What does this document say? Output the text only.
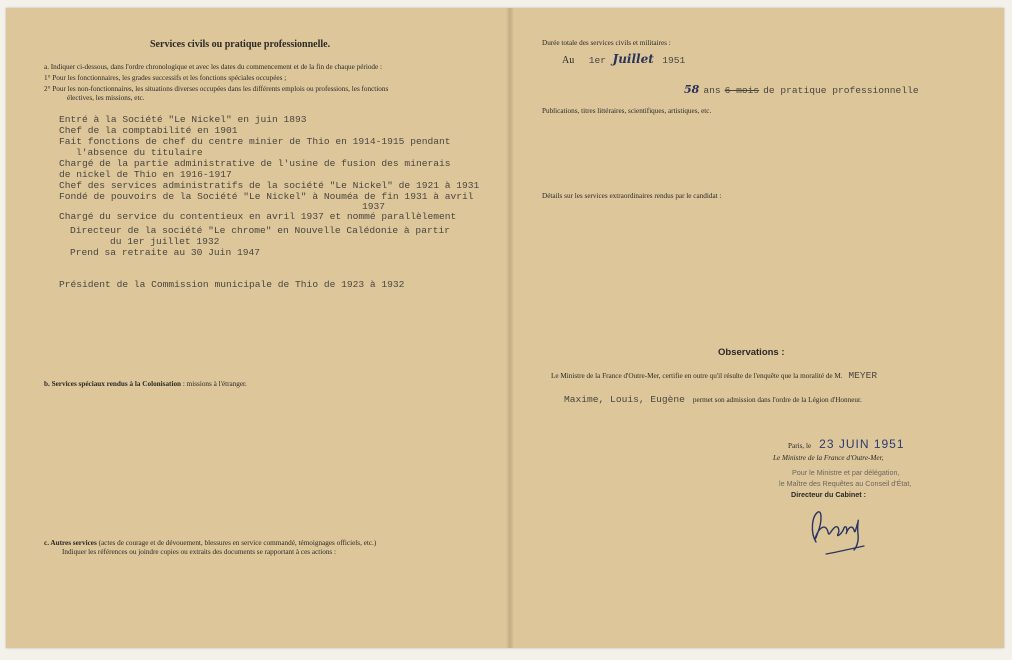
Services civils ou pratique professionnelle.
a. Indiquer ci-dessous, dans l'ordre chronologique et avec les dates du commencement et de la fin de chaque période :
1° Pour les fonctionnaires, les grades successifs et les fonctions spéciales occupées ;
2° Pour les non-fonctionnaires, les situations diverses occupées dans les différents emplois ou professions, les fonctions
électives, les missions, etc.
Entré à la Société "Le Nickel" en juin 1893
Chef de la comptabilité en 1901
Fait fonctions de chef du centre minier de Thio en 1914-1915 pendant
l'absence du titulaire
Chargé de la partie administrative de l'usine de fusion des minerais
de nickel de Thio en 1916-1917
Chef des services administratifs de la société "Le Nickel" de 1921 à 1931
Fondé de pouvoirs de la Société "Le Nickel" à Nouméa de fin 1931 à avril
1937
Chargé du service du contentieux en avril 1937 et nommé parallèlement
Directeur de la société "Le chrome" en Nouvelle Calédonie à partir
du 1er juillet 1932
Prend sa retraite au 30 Juin 1947
Président de la Commission municipale de Thio de 1923 à 1932
b. Services spéciaux rendus à la Colonisation : missions à l'étranger.
c. Autres services (actes de courage et de dévouement, blessures en service commandé, témoignages officiels, etc.)
Indiquer les références ou joindre copies ou extraits des documents se rapportant à ces actions :
Durée totale des services civils et militaires :
Au 1er Juillet 1951
58 ans 6 mois de pratique professionnelle
Publications, titres littéraires, scientifiques, artistiques, etc.
Détails sur les services extraordinaires rendus par le candidat :
Observations :
Le Ministre de la France d'Outre-Mer, certifie en outre qu'il résulte de l'enquête que la moralité de M. MEYER
Maxime, Louis, Eugène permet son admission dans l'ordre de la Légion d'Honneur.
Paris, le 23 JUIN 1951
Le Ministre de la France d'Outre-Mer,
Pour le Ministre et par délégation,
le Maître des Requêtes au Conseil d'État,
Directeur du Cabinet :
